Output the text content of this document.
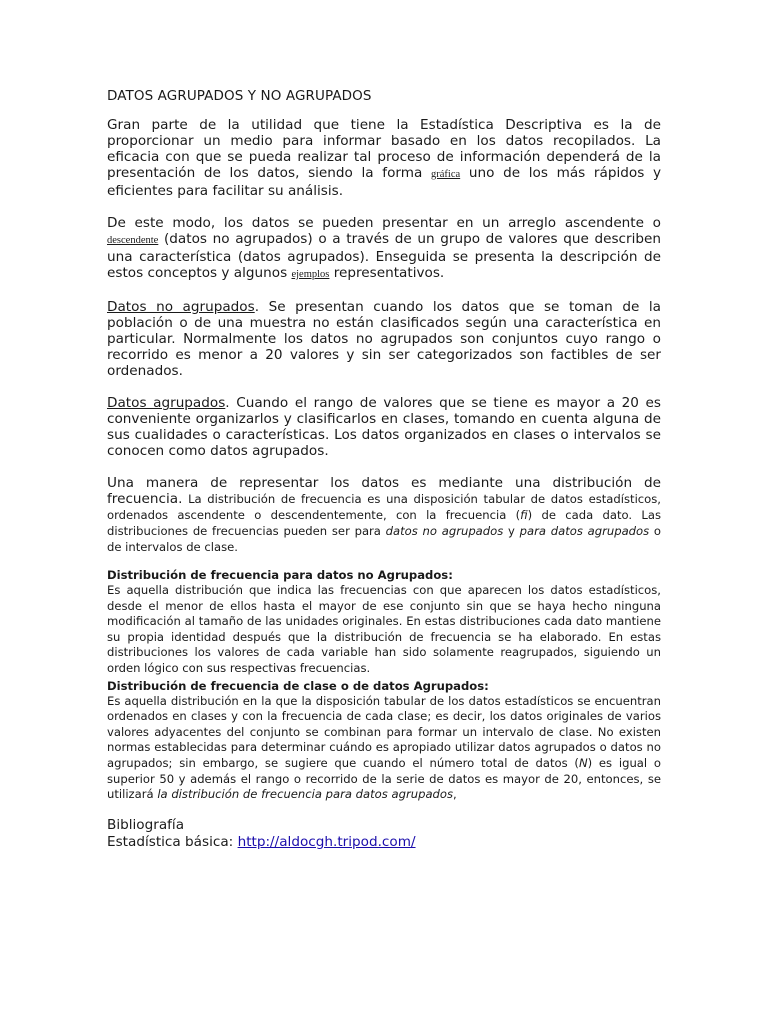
DATOS AGRUPADOS Y NO AGRUPADOS

Gran parte de la utilidad que tiene la Estadística Descriptiva es la de proporcionar un medio para informar basado en los datos recopilados. La eficacia con que se pueda realizar tal proceso de información dependerá de la presentación de los datos, siendo la forma gráfica uno de los más rápidos y eficientes para facilitar su análisis.

De este modo, los datos se pueden presentar en un arreglo ascendente o descendente (datos no agrupados) o a través de un grupo de valores que describen una característica (datos agrupados). Enseguida se presenta la descripción de estos conceptos y algunos ejemplos representativos.

Datos no agrupados. Se presentan cuando los datos que se toman de la población o de una muestra no están clasificados según una característica en particular. Normalmente los datos no agrupados son conjuntos cuyo rango o recorrido es menor a 20 valores y sin ser categorizados son factibles de ser ordenados.

Datos agrupados. Cuando el rango de valores que se tiene es mayor a 20 es conveniente organizarlos y clasificarlos en clases, tomando en cuenta alguna de sus cualidades o características. Los datos organizados en clases o intervalos se conocen como datos agrupados.

Una manera de representar los datos es mediante una distribución de frecuencia. La distribución de frecuencia es una disposición tabular de datos estadísticos, ordenados ascendente o descendentemente, con la frecuencia (fi) de cada dato. Las distribuciones de frecuencias pueden ser para datos no agrupados y para datos agrupados o de intervalos de clase.

Distribución de frecuencia para datos no Agrupados:

Es aquella distribución que indica las frecuencias con que aparecen los datos estadísticos, desde el menor de ellos hasta el mayor de ese conjunto sin que se haya hecho ninguna modificación al tamaño de las unidades originales. En estas distribuciones cada dato mantiene su propia identidad después que la distribución de frecuencia se ha elaborado. En estas distribuciones los valores de cada variable han sido solamente reagrupados, siguiendo un orden lógico con sus respectivas frecuencias.

Distribución de frecuencia de clase o de datos Agrupados:

Es aquella distribución en la que la disposición tabular de los datos estadísticos se encuentran ordenados en clases y con la frecuencia de cada clase; es decir, los datos originales de varios valores adyacentes del conjunto se combinan para formar un intervalo de clase. No existen normas establecidas para determinar cuándo es apropiado utilizar datos agrupados o datos no agrupados; sin embargo, se sugiere que cuando el número total de datos (N) es igual o superior 50 y además el rango o recorrido de la serie de datos es mayor de 20, entonces, se utilizará la distribución de frecuencia para datos agrupados,

Bibliografía

Estadística básica: http://aldocgh.tripod.com/
